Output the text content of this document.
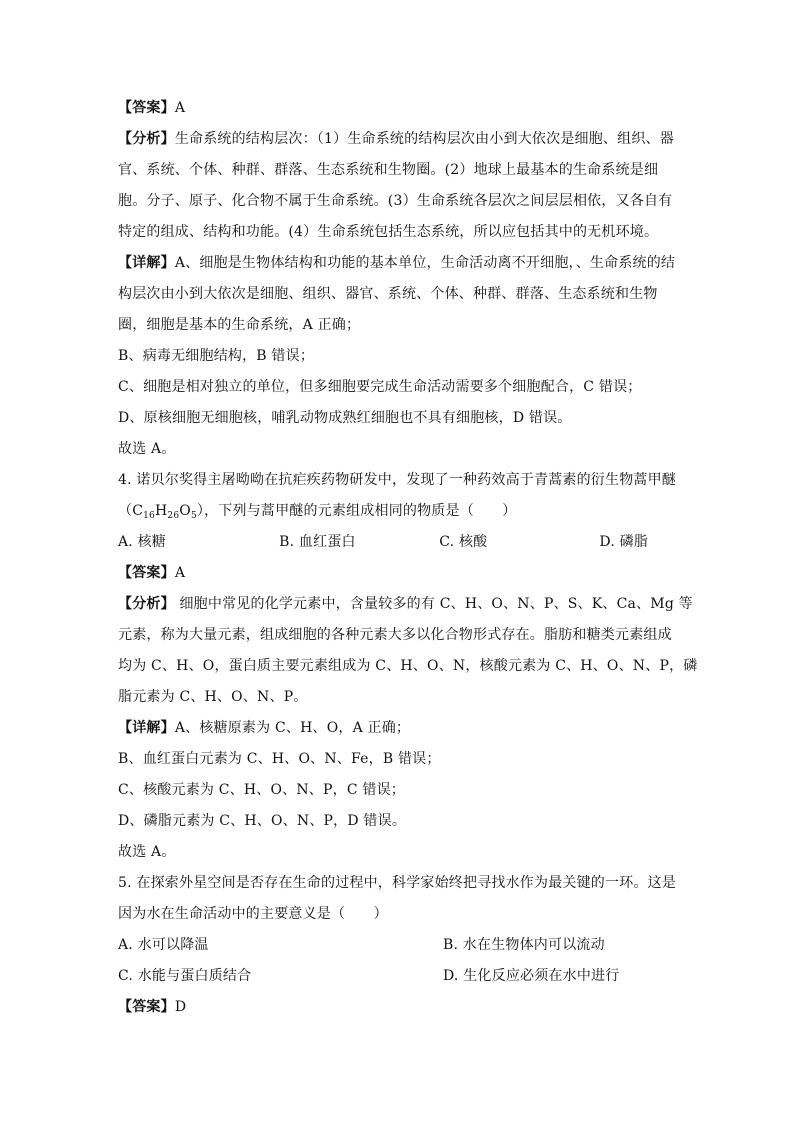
【答案】A
【分析】生命系统的结构层次：（1）生命系统的结构层次由小到大依次是细胞、组织、器
官、系统、个体、种群、群落、生态系统和生物圈。(2）地球上最基本的生命系统是细
胞。分子、原子、化合物不属于生命系统。(3）生命系统各层次之间层层相依，又各自有
特定的组成、结构和功能。(4）生命系统包括生态系统，所以应包括其中的无机环境。
【详解】A、细胞是生物体结构和功能的基本单位，生命活动离不开细胞，、生命系统的结
构层次由小到大依次是细胞、组织、器官、系统、个体、种群、群落、生态系统和生物
圈，细胞是基本的生命系统，A 正确；
B、病毒无细胞结构，B 错误；
C、细胞是相对独立的单位，但多细胞要完成生命活动需要多个细胞配合，C 错误；
D、原核细胞无细胞核，哺乳动物成熟红细胞也不具有细胞核，D 错误。
故选 A。
4. 诺贝尔奖得主屠呦呦在抗疟疾药物研发中，发现了一种药效高于青蒿素的衍生物蒿甲醚
$(C_{16}H_{26}O_5)$，下列与蒿甲醚的元素组成相同的物质是（　　）
A. 核糖	B. 血红蛋白	C. 核酸	D. 磷脂
【答案】A
【分析】 细胞中常见的化学元素中，含量较多的有 C、H、O、N、P、S、K、Ca、Mg 等
元素，称为大量元素，组成细胞的各种元素大多以化合物形式存在。脂肪和糖类元素组成
均为 C、H、O，蛋白质主要元素组成为 C、H、O、N，核酸元素为 C、H、O、N、P，磷
脂元素为 C、H、O、N、P。
【详解】A、核糖原素为 C、H、O，A 正确；
B、血红蛋白元素为 C、H、O、N、Fe，B 错误；
C、核酸元素为 C、H、O、N、P，C 错误；
D、磷脂元素为 C、H、O、N、P，D 错误。
故选 A。
5. 在探索外星空间是否存在生命的过程中，科学家始终把寻找水作为最关键的一环。这是
因为水在生命活动中的主要意义是（　　）
A. 水可以降温	B. 水在生物体内可以流动
C. 水能与蛋白质结合	D. 生化反应必须在水中进行
【答案】D
